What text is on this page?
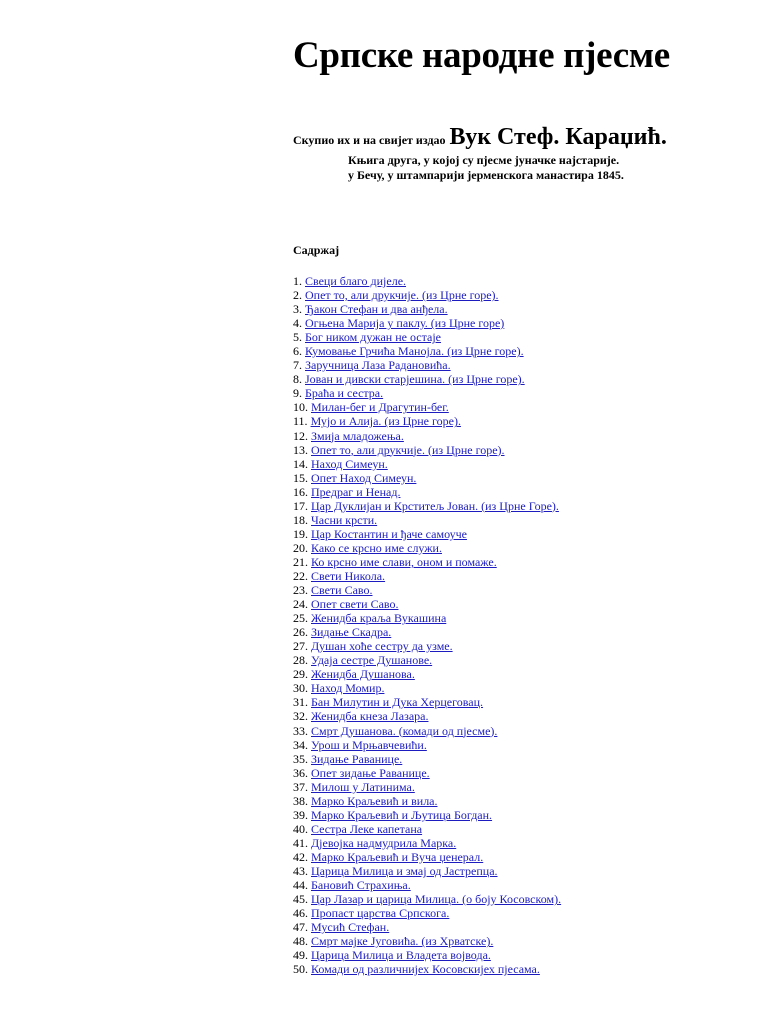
Српске народне пјесме
Скупио их и на свијет издао Вук Стеф. Караџић.
Књига друга, у којој су пјесме јуначке најстарије.
у Бечу, у штампарији јерменскога манастира 1845.
Садржај
1. Свеци благо дијеле.
2. Опет то, али друкчије. (из Црне горе).
3. Ђакон Стефан и два анђела.
4. Огњена Марија у паклу. (из Црне горе)
5. Бог ником дужан не остаје
6. Кумовање Грчића Манојла. (из Црне горе).
7. Заручница Лаза Радановића.
8. Јован и дивски старјешина. (из Црне горе).
9. Браћа и сестра.
10. Милан-бег и Драгутин-бег.
11. Мујо и Алија. (из Црне горе).
12. Змија младожења.
13. Опет то, али друкчије. (из Црне горе).
14. Наход Симеун.
15. Опет Наход Симеун.
16. Предраг и Ненад.
17. Цар Дуклијан и Крститељ Јован. (из Црне Горе).
18. Часни крсти.
19. Цар Костантин и ђаче самоуче
20. Како се крсно име служи.
21. Ко крсно име слави, оном и помаже.
22. Свети Никола.
23. Свети Саво.
24. Опет свети Саво.
25. Женидба краља Вукашина
26. Зидање Скадра.
27. Душан хоће сестру да узме.
28. Удаја сестре Душанове.
29. Женидба Душанова.
30. Наход Момир.
31. Бан Милутин и Дука Херцеговац.
32. Женидба кнеза Лазара.
33. Смрт Душанова. (комади од пјесме).
34. Урош и Мрњавчевићи.
35. Зидање Раванице.
36. Опет зидање Раванице.
37. Милош у Латинима.
38. Марко Краљевић и вила.
39. Марко Краљевић и Љутица Богдан.
40. Сестра Леке капетана
41. Дјевојка надмудрила Марка.
42. Марко Краљевић и Вуча џенерал.
43. Царица Милица и змај од Јастрепца.
44. Бановић Страхиња.
45. Цар Лазар и царица Милица. (о боју Косовском).
46. Пропаст царства Српскога.
47. Мусић Стефан.
48. Смрт мајке Југовића. (из Хрватске).
49. Царица Милица и Владета војвода.
50. Комади од различнијех Косовскијех пјесама.
